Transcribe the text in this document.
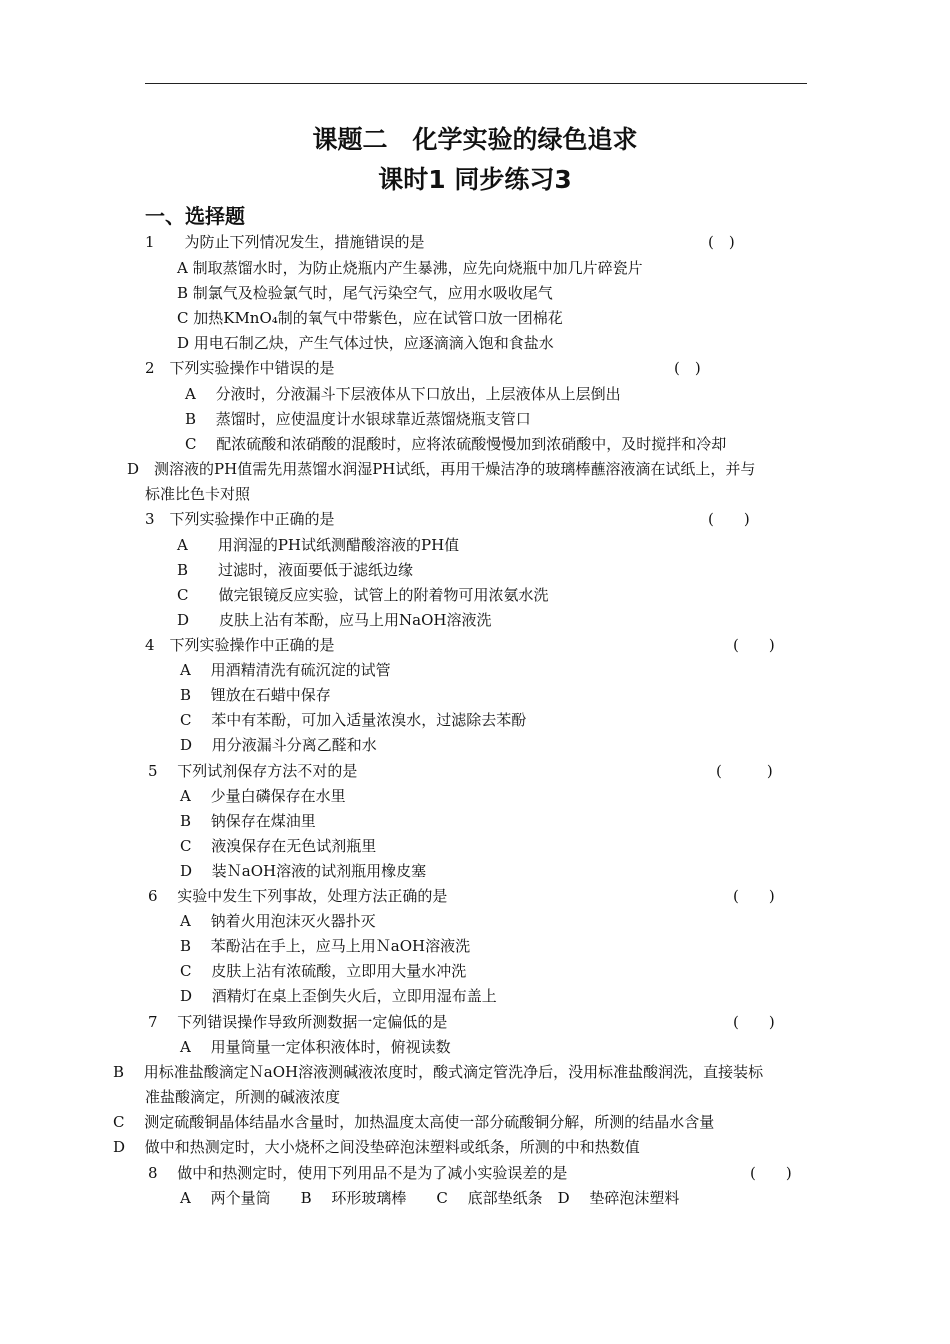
课题二　化学实验的绿色追求
课时1 同步练习3
一、选择题
1　　为防止下列情况发生，措施错误的是
A 制取蒸馏水时，为防止烧瓶内产生暴沸，应先向烧瓶中加几片碎瓷片
B 制氯气及检验氯气时，尾气污染空气，应用水吸收尾气
C 加热KMnO₄制的氧气中带紫色，应在试管口放一团棉花
D 用电石制乙炔，产生气体过快，应逐滴滴入饱和食盐水
2　下列实验操作中错误的是
A　 分液时，分液漏斗下层液体从下口放出，上层液体从上层倒出
B　 蒸馏时，应使温度计水银球靠近蒸馏烧瓶支管口
C　 配浓硫酸和浓硝酸的混酸时，应将浓硫酸慢慢加到浓硝酸中，及时搅拌和冷却
D　测溶液的PH值需先用蒸馏水润湿PH试纸，再用干燥洁净的玻璃棒蘸溶液滴在试纸上，并与
标准比色卡对照
3　下列实验操作中正确的是
A　　用润湿的PH试纸测醋酸溶液的PH值
B　　过滤时，液面要低于滤纸边缘
C　　做完银镜反应实验，试管上的附着物可用浓氨水洗
D　　皮肤上沾有苯酚，应马上用NaOH溶液洗
4　下列实验操作中正确的是
A　 用酒精清洗有硫沉淀的试管
B　 锂放在石蜡中保存
C　 苯中有苯酚，可加入适量浓溴水，过滤除去苯酚
D　 用分液漏斗分离乙醛和水
5　 下列试剂保存方法不对的是
A　 少量白磷保存在水里
B　 钠保存在煤油里
C　 液溴保存在无色试剂瓶里
D　 装ＮaOH溶液的试剂瓶用橡皮塞
6　 实验中发生下列事故，处理方法正确的是
A　 钠着火用泡沫灭火器扑灭
B　 苯酚沾在手上，应马上用ＮaOH溶液洗
C　 皮肤上沾有浓硫酸，立即用大量水冲洗
D　 酒精灯在桌上歪倒失火后，立即用湿布盖上
7　 下列错误操作导致所测数据一定偏低的是
A　 用量筒量一定体积液体时，俯视读数
B　 用标准盐酸滴定ＮaOH溶液测碱液浓度时，酸式滴定管洗净后，没用标准盐酸润洗，直接装标
准盐酸滴定，所测的碱液浓度
C　 测定硫酸铜晶体结晶水含量时，加热温度太高使一部分硫酸铜分解，所测的结晶水含量
D　 做中和热测定时，大小烧杯之间没垫碎泡沫塑料或纸条，所测的中和热数值
8　 做中和热测定时，使用下列用品不是为了减小实验误差的是
A　 两个量筒　　B　 环形玻璃棒　　C　 底部垫纸条　D　 垫碎泡沫塑料
(　)
(　)
(　　)
(　　)
(　　　)
(　　)
(　　)
(　　)
